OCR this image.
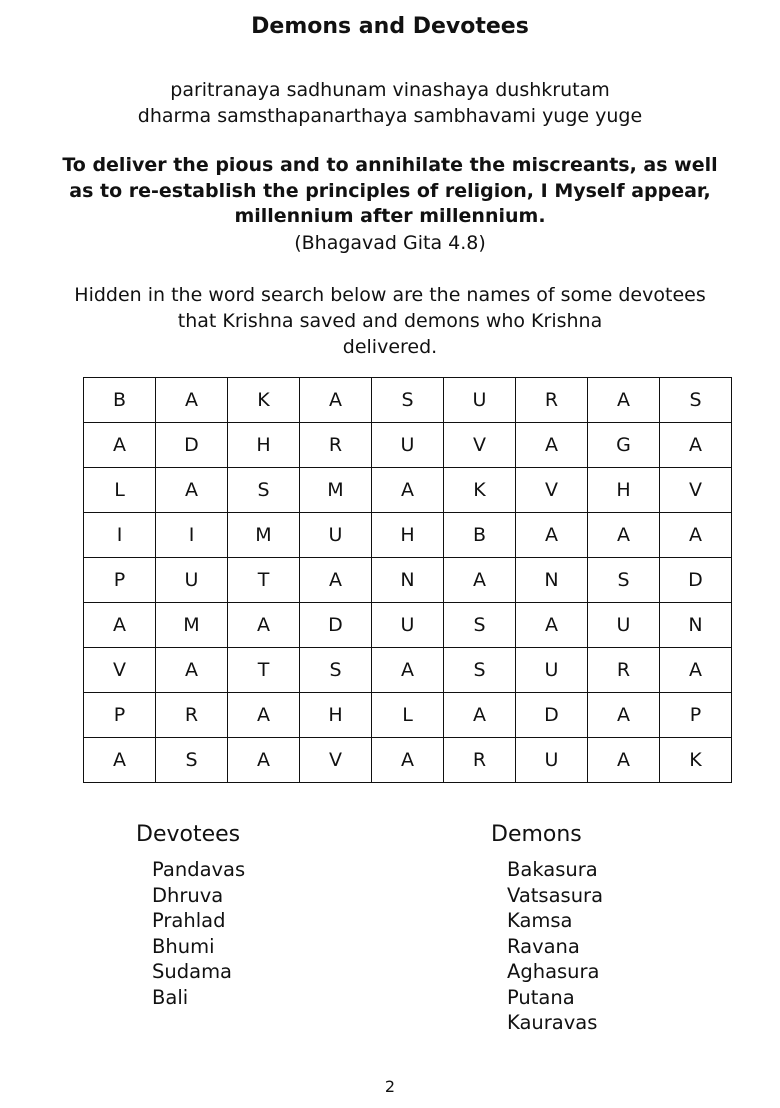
Demons and Devotees
paritranaya sadhunam vinashaya dushkrutam
dharma samsthapanarthaya sambhavami yuge yuge
To deliver the pious and to annihilate the miscreants, as well
as to re-establish the principles of religion, I Myself appear,
millennium after millennium.
(Bhagavad Gita 4.8)
Hidden in the word search below are the names of some devotees
that Krishna saved and demons who Krishna
delivered.
B	A	K	A	S	U	R	A	S
A	D	H	R	U	V	A	G	A
L	A	S	M	A	K	V	H	V
I	I	M	U	H	B	A	A	A
P	U	T	A	N	A	N	S	D
A	M	A	D	U	S	A	U	N
V	A	T	S	A	S	U	R	A
P	R	A	H	L	A	D	A	P
A	S	A	V	A	R	U	A	K
Devotees
Pandavas
Dhruva
Prahlad
Bhumi
Sudama
Bali
Demons
Bakasura
Vatsasura
Kamsa
Ravana
Aghasura
Putana
Kauravas
2
